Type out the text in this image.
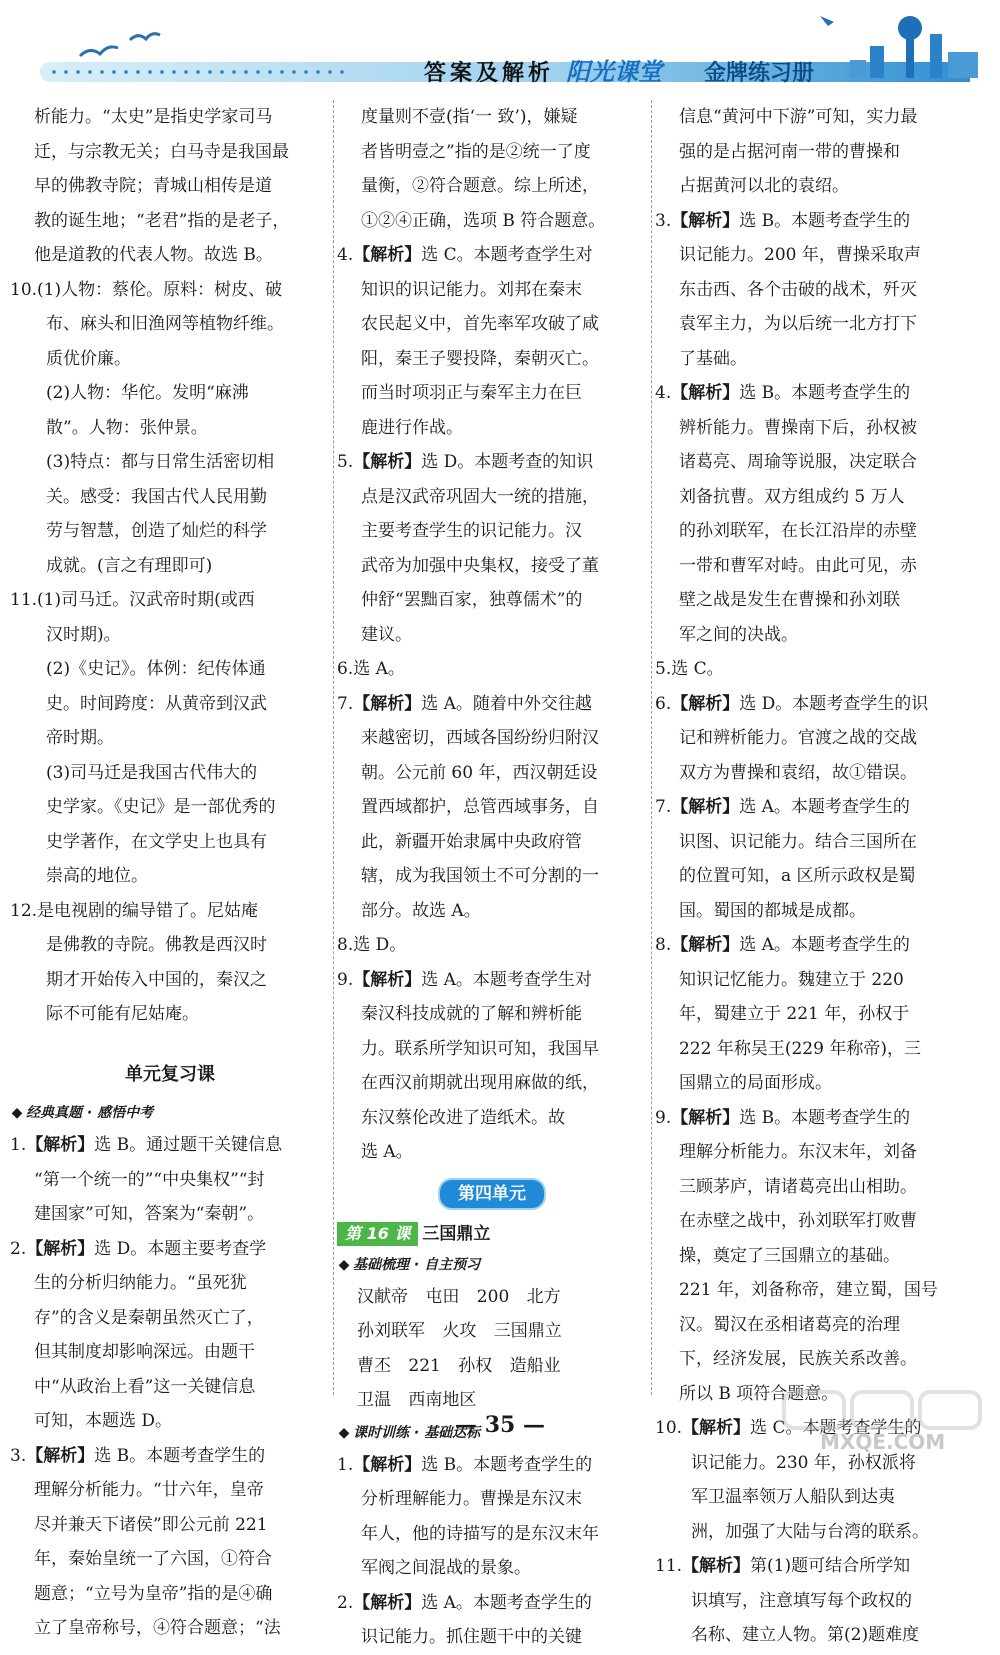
答案及解析 阳光课堂 金牌练习册

析能力。“太史”是指史学家司马

迁，与宗教无关；白马寺是我国最

早的佛教寺院；青城山相传是道

教的诞生地；“老君”指的是老子，

他是道教的代表人物。故选 B。

10.(1)人物：蔡伦。原料：树皮、破

布、麻头和旧渔网等植物纤维。

质优价廉。

(2)人物：华佗。发明“麻沸

散”。人物：张仲景。

(3)特点：都与日常生活密切相

关。感受：我国古代人民用勤

劳与智慧，创造了灿烂的科学

成就。(言之有理即可)

11.(1)司马迁。汉武帝时期(或西

汉时期)。

(2)《史记》。体例：纪传体通

史。时间跨度：从黄帝到汉武

帝时期。

(3)司马迁是我国古代伟大的

史学家。《史记》是一部优秀的

史学著作，在文学史上也具有

崇高的地位。

12.是电视剧的编导错了。尼姑庵

是佛教的寺院。佛教是西汉时

期才开始传入中国的，秦汉之

际不可能有尼姑庵。

单元复习课
◆ 经典真题 · 感悟中考

1.【解析】选 B。通过题干关键信息

“第一个统一的”“中央集权”“封

建国家”可知，答案为“秦朝”。

2.【解析】选 D。本题主要考查学

生的分析归纳能力。“虽死犹

存”的含义是秦朝虽然灭亡了，

但其制度却影响深远。由题干

中“从政治上看”这一关键信息

可知，本题选 D。

3.【解析】选 B。本题考查学生的

理解分析能力。“廿六年，皇帝

尽并兼天下诸侯”即公元前 221

年，秦始皇统一了六国，①符合

题意；“立号为皇帝”指的是④确

立了皇帝称号，④符合题意；“法

度量则不壹(指‘一 致’)，嫌疑

者皆明壹之”指的是②统一了度

量衡，②符合题意。综上所述，

①②④正确，选项 B 符合题意。

4.【解析】选 C。本题考查学生对

知识的识记能力。刘邦在秦末

农民起义中，首先率军攻破了咸

阳，秦王子婴投降，秦朝灭亡。

而当时项羽正与秦军主力在巨

鹿进行作战。

5.【解析】选 D。本题考查的知识

点是汉武帝巩固大一统的措施，

主要考查学生的识记能力。汉

武帝为加强中央集权，接受了董

仲舒“罢黜百家，独尊儒术”的

建议。

6.选 A。

7.【解析】选 A。随着中外交往越

来越密切，西域各国纷纷归附汉

朝。公元前 60 年，西汉朝廷设

置西域都护，总管西域事务，自

此，新疆开始隶属中央政府管

辖，成为我国领土不可分割的一

部分。故选 A。

8.选 D。

9.【解析】选 A。本题考查学生对

秦汉科技成就的了解和辨析能

力。联系所学知识可知，我国早

在西汉前期就出现用麻做的纸，

东汉蔡伦改进了造纸术。故

选 A。

第四单元
第 16 课 三国鼎立
◆ 基础梳理 · 自主预习

汉献帝 屯田 200 北方

孙刘联军 火攻 三国鼎立

曹丕 221 孙权 造船业

卫温 西南地区

◆ 课时训练 · 基础达标

1.【解析】选 B。本题考查学生的

分析理解能力。曹操是东汉末

年人，他的诗描写的是东汉末年

军阀之间混战的景象。

2.【解析】选 A。本题考查学生的

识记能力。抓住题干中的关键

信息“黄河中下游”可知，实力最

强的是占据河南一带的曹操和

占据黄河以北的袁绍。

3.【解析】选 B。本题考查学生的

识记能力。200 年，曹操采取声

东击西、各个击破的战术，歼灭

袁军主力，为以后统一北方打下

了基础。

4.【解析】选 B。本题考查学生的

辨析能力。曹操南下后，孙权被

诸葛亮、周瑜等说服，决定联合

刘备抗曹。双方组成约 5 万人

的孙刘联军，在长江沿岸的赤壁

一带和曹军对峙。由此可见，赤

壁之战是发生在曹操和孙刘联

军之间的决战。

5.选 C。

6.【解析】选 D。本题考查学生的识

记和辨析能力。官渡之战的交战

双方为曹操和袁绍，故①错误。

7.【解析】选 A。本题考查学生的

识图、识记能力。结合三国所在

的位置可知，a 区所示政权是蜀

国。蜀国的都城是成都。

8.【解析】选 A。本题考查学生的

知识记忆能力。魏建立于 220

年，蜀建立于 221 年，孙权于

222 年称吴王(229 年称帝)，三

国鼎立的局面形成。

9.【解析】选 B。本题考查学生的

理解分析能力。东汉末年，刘备

三顾茅庐，请诸葛亮出山相助。

在赤壁之战中，孙刘联军打败曹

操，奠定了三国鼎立的基础。

221 年，刘备称帝，建立蜀，国号

汉。蜀汉在丞相诸葛亮的治理

下，经济发展，民族关系改善。

所以 B 项符合题意。

10.【解析】选 C。本题考查学生的

识记能力。230 年，孙权派将

军卫温率领万人船队到达夷

洲，加强了大陆与台湾的联系。

11.【解析】第(1)题可结合所学知

识填写，注意填写每个政权的

名称、建立人物。第(2)题难度

— 35 —
MXQE.COM
